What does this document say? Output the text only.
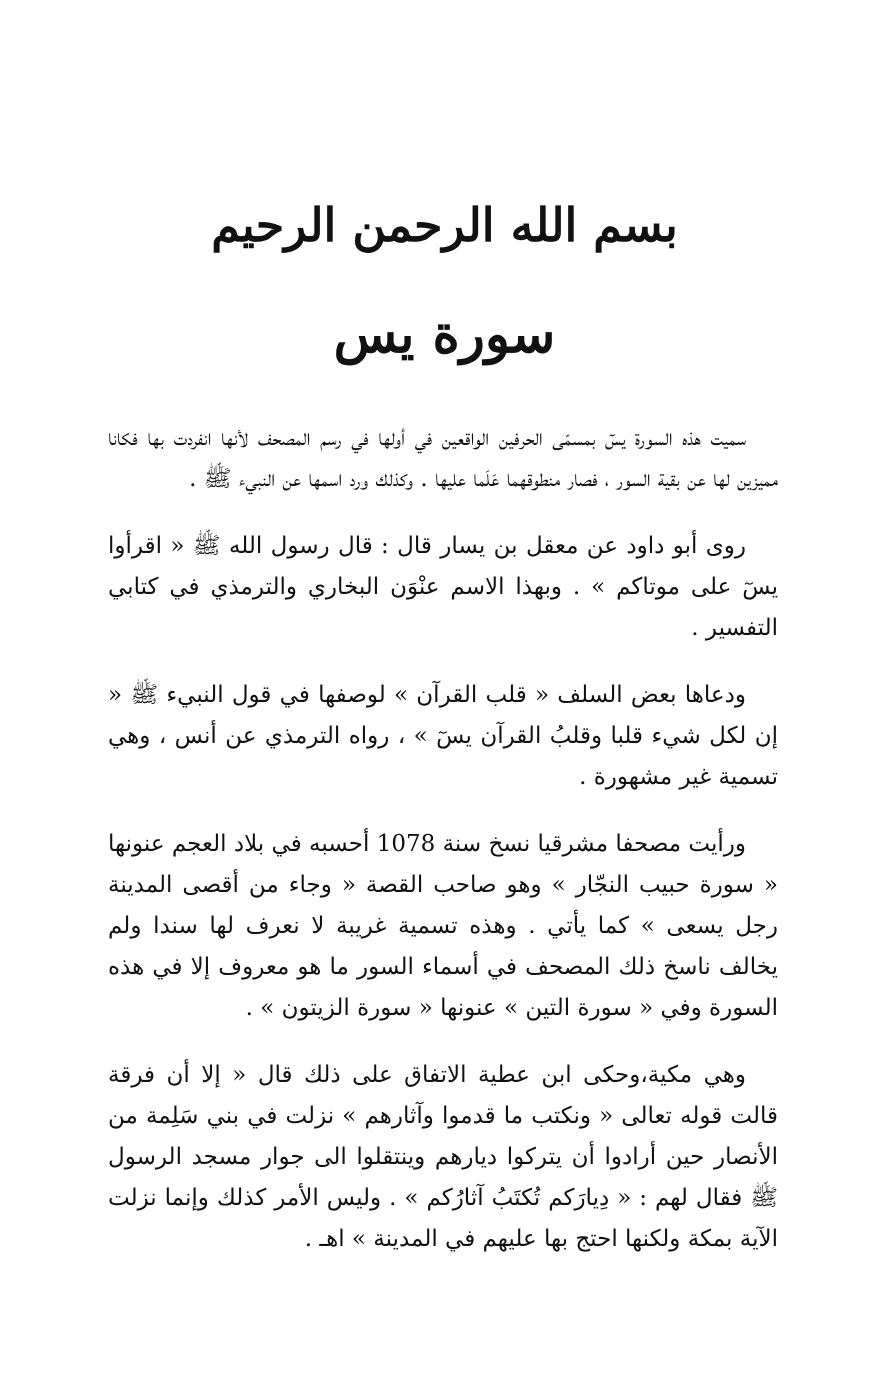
بسم الله الرحمن الرحيم
سورة يس

سميت هذه السورة يسٓ بمسمّى الحرفين الواقعين في أولها في رسم المصحف لأنها انفردت بها فكانا مميزين لها عن بقية السور ، فصار منطوقهما عَلَما عليها . وكذلك ورد اسمها عن النبيء ﷺ .

روى أبو داود عن معقل بن يسار قال : قال رسول الله ﷺ « اقرأوا يسٓ على موتاكم » . وبهذا الاسم عنْوَن البخاري والترمذي في كتابي التفسير .

ودعاها بعض السلف « قلب القرآن » لوصفها في قول النبيء ﷺ « إن لكل شيء قلبا وقلبُ القرآن يسٓ » ، رواه الترمذي عن أنس ، وهي تسمية غير مشهورة .

ورأيت مصحفا مشرقيا نسخ سنة 1078 أحسبه في بلاد العجم عنونها « سورة حبيب النجّار » وهو صاحب القصة « وجاء من أقصى المدينة رجل يسعى » كما يأتي . وهذه تسمية غريبة لا نعرف لها سندا ولم يخالف ناسخ ذلك المصحف في أسماء السور ما هو معروف إلا في هذه السورة وفي « سورة التين » عنونها « سورة الزيتون » .

وهي مكية،وحكى ابن عطية الاتفاق على ذلك قال « إلا أن فرقة قالت قوله تعالى « ونكتب ما قدموا وآثارهم » نزلت في بني سَلِمة من الأنصار حين أرادوا أن يتركوا ديارهم وينتقلوا الى جوار مسجد الرسول ﷺ فقال لهم : « دِيارَكم تُكتَبُ آثارُكم » . وليس الأمر كذلك وإنما نزلت الآية بمكة ولكنها احتج بها عليهم في المدينة » اهـ .
